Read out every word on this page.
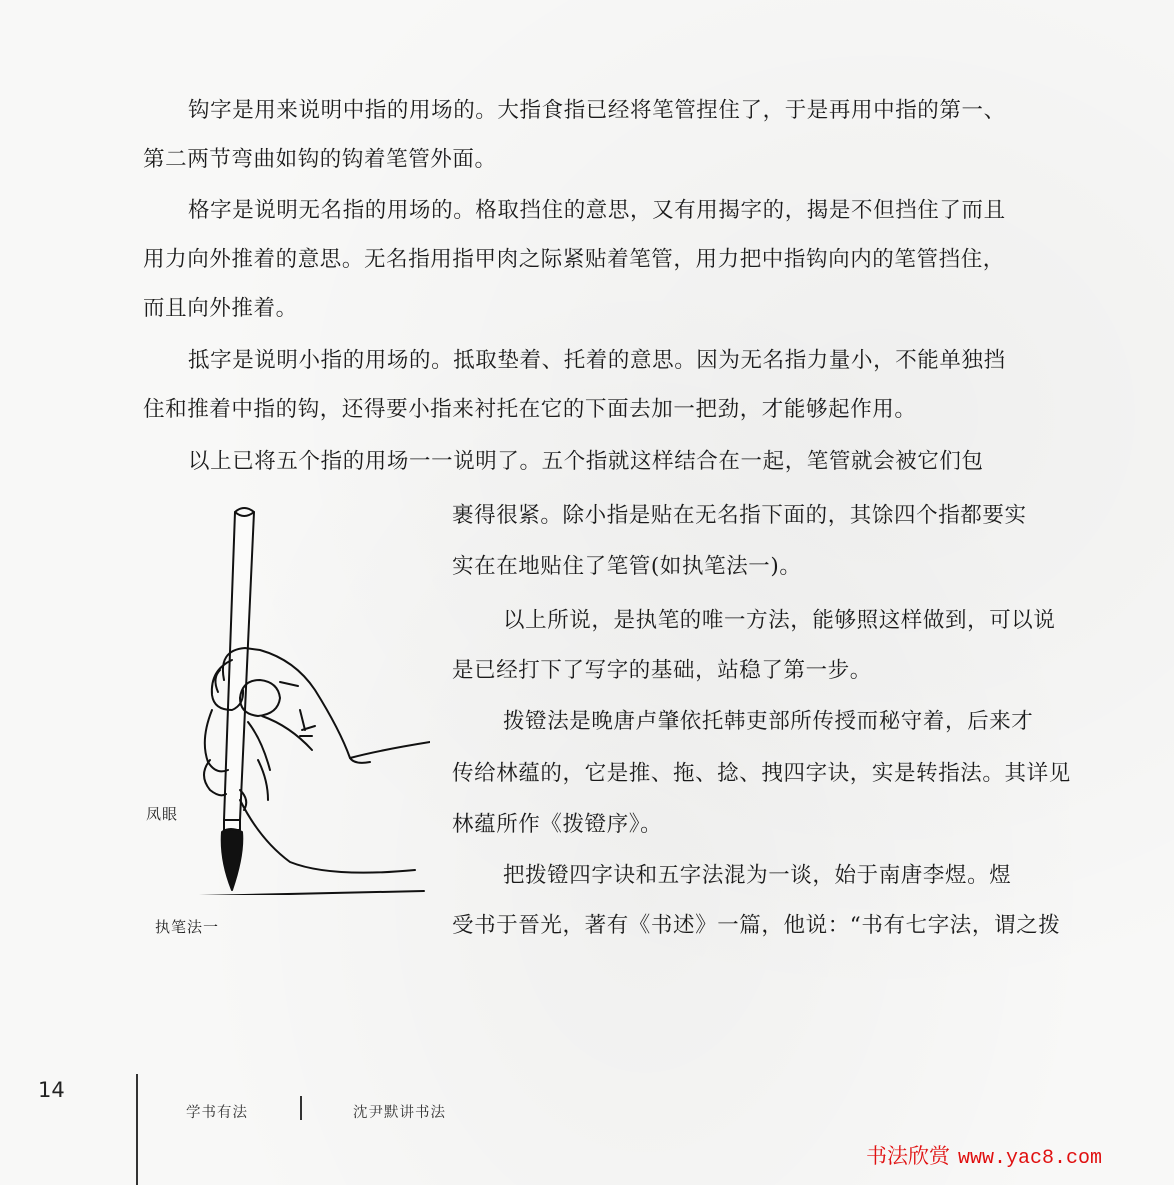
钩字是用来说明中指的用场的。大指食指已经将笔管捏住了，于是再用中指的第一、
第二两节弯曲如钩的钩着笔管外面。
格字是说明无名指的用场的。格取挡住的意思，又有用揭字的，揭是不但挡住了而且
用力向外推着的意思。无名指用指甲肉之际紧贴着笔管，用力把中指钩向内的笔管挡住，
而且向外推着。
抵字是说明小指的用场的。抵取垫着、托着的意思。因为无名指力量小，不能单独挡
住和推着中指的钩，还得要小指来衬托在它的下面去加一把劲，才能够起作用。
以上已将五个指的用场一一说明了。五个指就这样结合在一起，笔管就会被它们包
裹得很紧。除小指是贴在无名指下面的，其馀四个指都要实
实在在地贴住了笔管(如执笔法一)。
以上所说，是执笔的唯一方法，能够照这样做到，可以说
是已经打下了写字的基础，站稳了第一步。
拨镫法是晚唐卢肇依托韩吏部所传授而秘守着，后来才
传给林蕴的，它是推、拖、捻、拽四字诀，实是转指法。其详见
林蕴所作《拨镫序》。
把拨镫四字诀和五字法混为一谈，始于南唐李煜。煜
受书于晉光，著有《书述》一篇，他说：“书有七字法，谓之拨
凤眼
执笔法一
14
学书有法	沈尹默讲书法
书法欣赏 www.yac8.com
